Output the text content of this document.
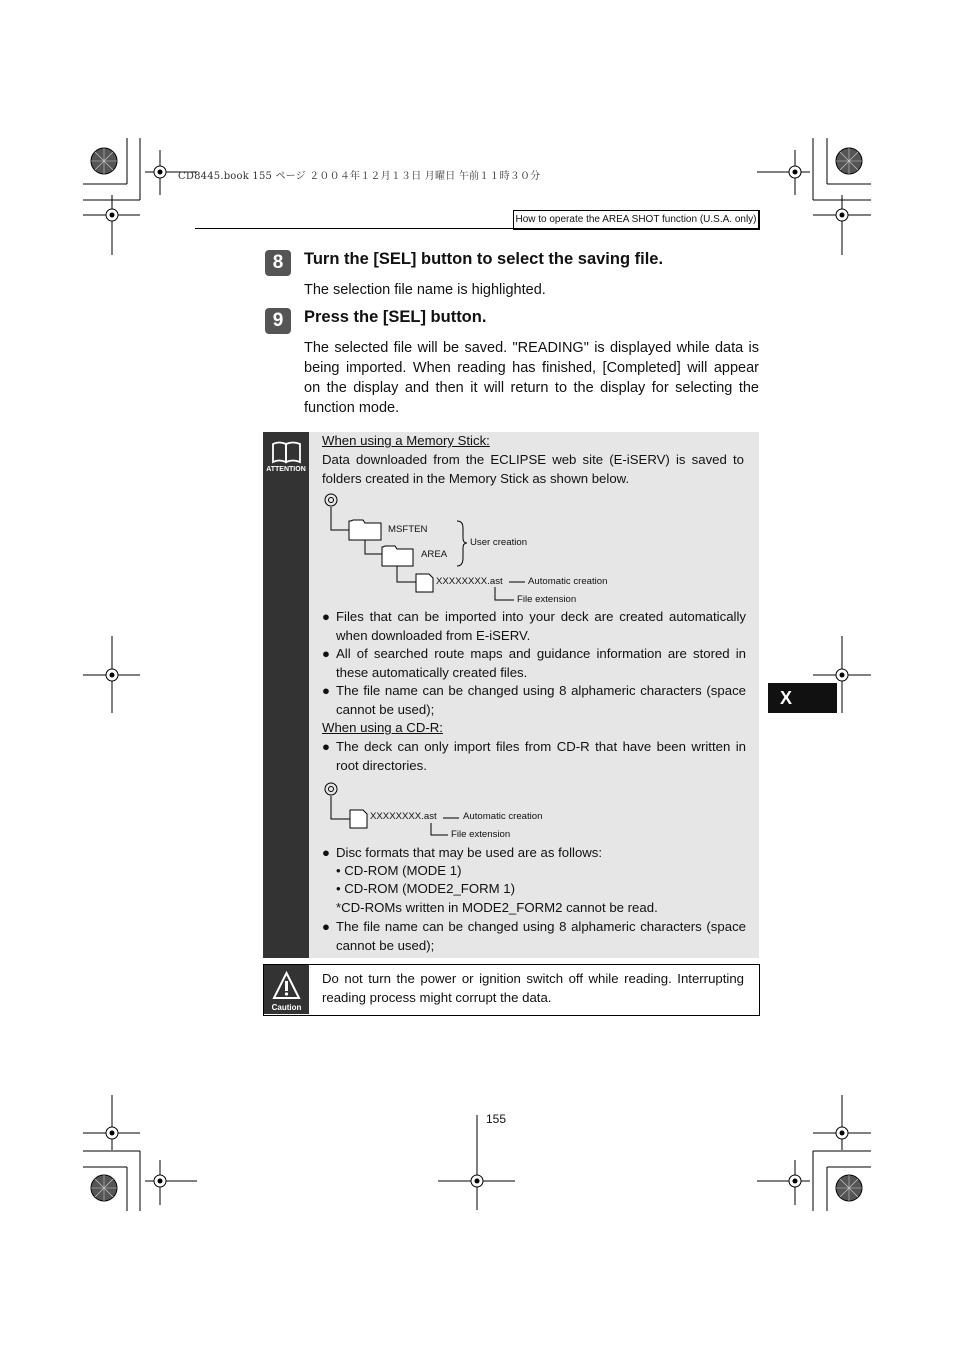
CD8445.book 155 ページ ２００４年１２月１３日 月曜日 午前１１時３０分
How to operate the AREA SHOT function (U.S.A. only)
8	Turn the [SEL] button to select the saving file.
The selection file name is highlighted.
9	Press the [SEL] button.
The selected file will be saved. "READING" is displayed while data is being imported. When reading has finished, [Completed] will appear on the display and then it will return to the display for selecting the function mode.
ATTENTION
When using a Memory Stick:
Data downloaded from the ECLIPSE web site (E-iSERV) is saved to folders created in the Memory Stick as shown below.
MSFTEN
AREA
User creation
XXXXXXXX.ast	Automatic creation
File extension
● Files that can be imported into your deck are created automatically when downloaded from E-iSERV.
● All of searched route maps and guidance information are stored in these automatically created files.
● The file name can be changed using 8 alphameric characters (space cannot be used);
When using a CD-R:
● The deck can only import files from CD-R that have been written in root directories.
XXXXXXXX.ast	Automatic creation
File extension
● Disc formats that may be used are as follows:
• CD-ROM (MODE 1)
• CD-ROM (MODE2_FORM 1)
*CD-ROMs written in MODE2_FORM2 cannot be read.
● The file name can be changed using 8 alphameric characters (space cannot be used);
Caution
Do not turn the power or ignition switch off while reading. Interrupting reading process might corrupt the data.
X
155
